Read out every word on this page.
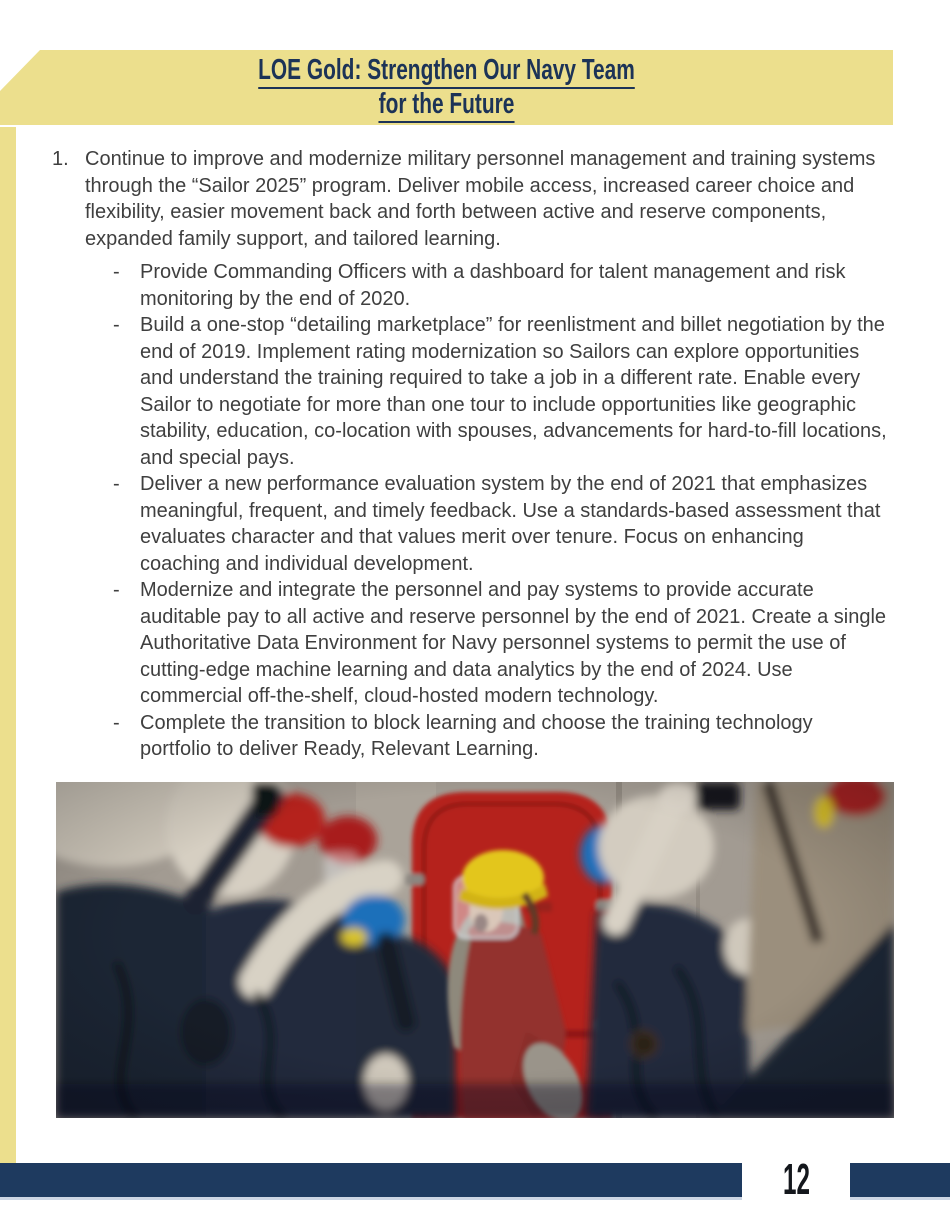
LOE Gold: Strengthen Our Navy Team
for the Future
1. Continue to improve and modernize military personnel management and training systems through the “Sailor 2025” program. Deliver mobile access, increased career choice and flexibility, easier movement back and forth between active and reserve components, expanded family support, and tailored learning.
-	Provide Commanding Officers with a dashboard for talent management and risk monitoring by the end of 2020.
-	Build a one-stop “detailing marketplace” for reenlistment and billet negotiation by the end of 2019. Implement rating modernization so Sailors can explore opportunities and understand the training required to take a job in a different rate. Enable every Sailor to negotiate for more than one tour to include opportunities like geographic stability, education, co-location with spouses, advancements for hard-to-fill locations, and special pays.
-	Deliver a new performance evaluation system by the end of 2021 that emphasizes meaningful, frequent, and timely feedback. Use a standards-based assessment that evaluates character and that values merit over tenure. Focus on enhancing coaching and individual development.
-	Modernize and integrate the personnel and pay systems to provide accurate auditable pay to all active and reserve personnel by the end of 2021. Create a single Authoritative Data Environment for Navy personnel systems to permit the use of cutting-edge machine learning and data analytics by the end of 2024. Use commercial off-the-shelf, cloud-hosted modern technology.
-	Complete the transition to block learning and choose the training technology portfolio to deliver Ready, Relevant Learning.
12
